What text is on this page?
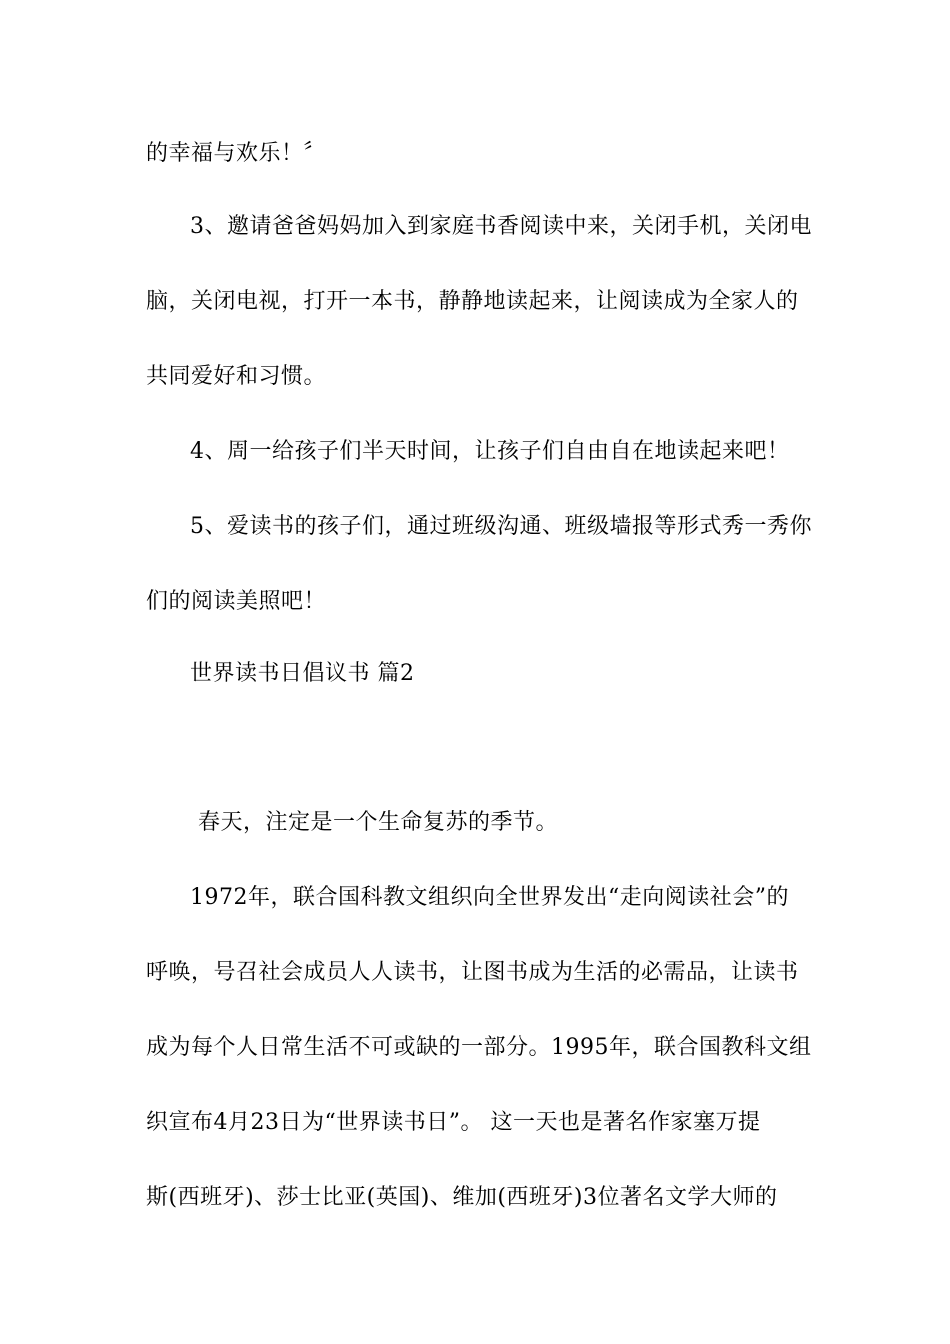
的幸福与欢乐！〞
3、邀请爸爸妈妈加入到家庭书香阅读中来，关闭手机，关闭电
脑，关闭电视，打开一本书，静静地读起来，让阅读成为全家人的
共同爱好和习惯。
4、周一给孩子们半天时间，让孩子们自由自在地读起来吧！
5、爱读书的孩子们，通过班级沟通、班级墙报等形式秀一秀你
们的阅读美照吧！
世界读书日倡议书 篇2
春天，注定是一个生命复苏的季节。
1972年，联合国科教文组织向全世界发出“走向阅读社会”的
呼唤，号召社会成员人人读书，让图书成为生活的必需品，让读书
成为每个人日常生活不可或缺的一部分。1995年，联合国教科文组
织宣布4月23日为“世界读书日”。 这一天也是著名作家塞万提
斯(西班牙)、莎士比亚(英国)、维加(西班牙)3位著名文学大师的
